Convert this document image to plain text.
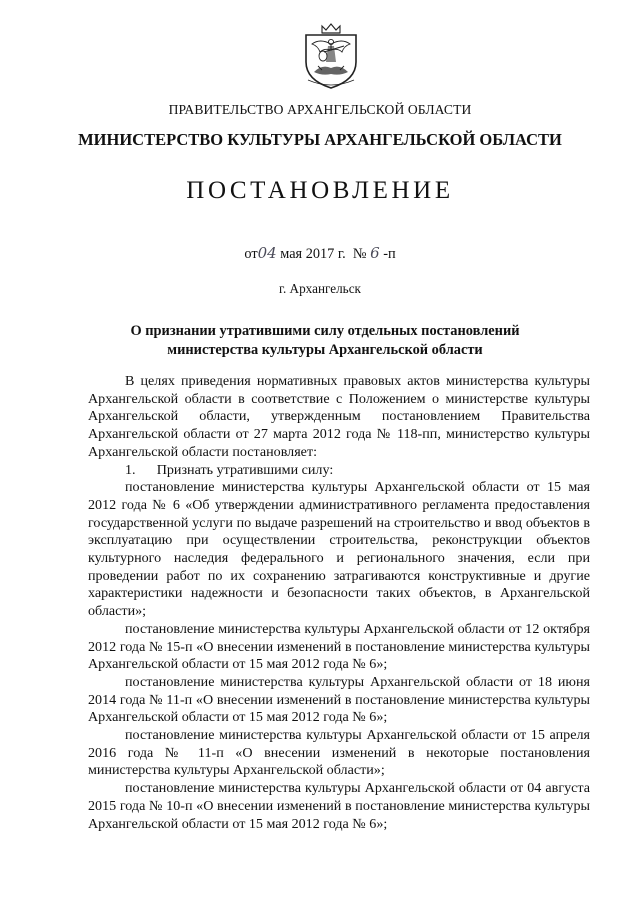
ПРАВИТЕЛЬСТВО АРХАНГЕЛЬСКОЙ ОБЛАСТИ
МИНИСТЕРСТВО КУЛЬТУРЫ АРХАНГЕЛЬСКОЙ ОБЛАСТИ
ПОСТАНОВЛЕНИЕ
от04 мая 2017 г. № 6 -п
г. Архангельск
О признании утратившими силу отдельных постановлений
министерства культуры Архангельской области

В целях приведения нормативных правовых актов министерства культуры Архангельской области в соответствие с Положением о министерстве культуры Архангельской области, утвержденным постановлением Правительства Архангельской области от 27 марта 2012 года № 118-пп, министерство культуры Архангельской области постановляет:

1.      Признать утратившими силу:

постановление министерства культуры Архангельской области от 15 мая 2012 года № 6 «Об утверждении административного регламента предоставления государственной услуги по выдаче разрешений на строительство и ввод объектов в эксплуатацию при осуществлении строительства, реконструкции объектов культурного наследия федерального и регионального значения, если при проведении работ по их сохранению затрагиваются конструктивные и другие характеристики надежности и безопасности таких объектов, в Архангельской области»;

постановление министерства культуры Архангельской области от 12 октября 2012 года № 15-п «О внесении изменений в постановление министерства культуры Архангельской области от 15 мая 2012 года № 6»;

постановление министерства культуры Архангельской области от 18 июня 2014 года № 11-п «О внесении изменений в постановление министерства культуры Архангельской области от 15 мая 2012 года № 6»;

постановление министерства культуры Архангельской области от 15 апреля 2016 года № 11-п «О внесении изменений в некоторые постановления министерства культуры Архангельской области»;

постановление министерства культуры Архангельской области от 04 августа 2015 года № 10-п «О внесении изменений в постановление министерства культуры Архангельской области от 15 мая 2012 года № 6»;
